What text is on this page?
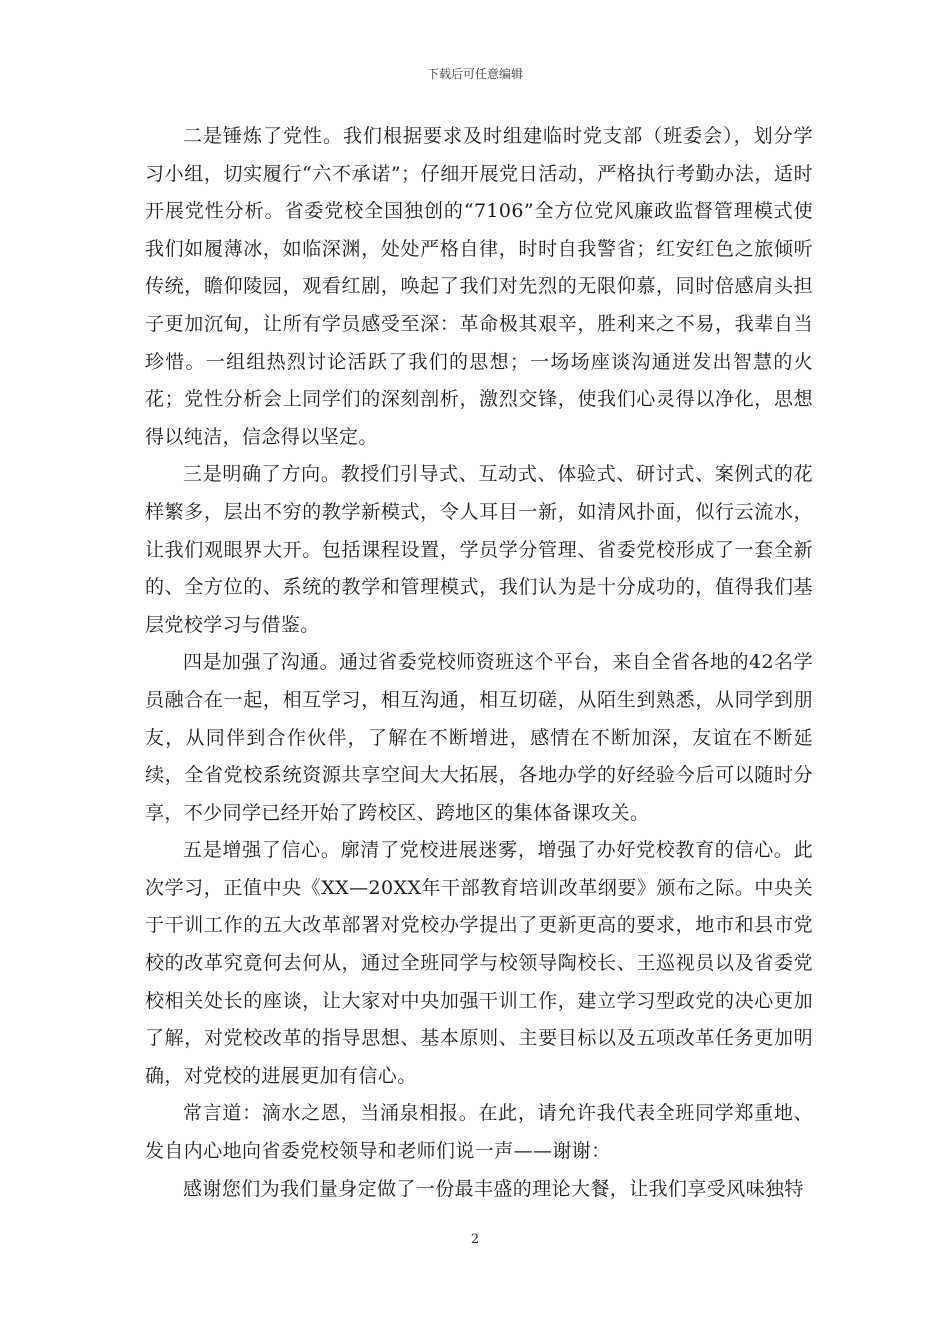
下载后可任意编辑

二是锤炼了党性。我们根据要求及时组建临时党支部（班委会），划分学习小组，切实履行“六不承诺”；仔细开展党日活动，严格执行考勤办法，适时开展党性分析。省委党校全国独创的“7106”全方位党风廉政监督管理模式使我们如履薄冰，如临深渊，处处严格自律，时时自我警省；红安红色之旅倾听传统，瞻仰陵园，观看红剧，唤起了我们对先烈的无限仰慕，同时倍感肩头担子更加沉甸，让所有学员感受至深：革命极其艰辛，胜利来之不易，我辈自当珍惜。一组组热烈讨论活跃了我们的思想；一场场座谈沟通迸发出智慧的火花；党性分析会上同学们的深刻剖析，激烈交锋，使我们心灵得以净化，思想得以纯洁，信念得以坚定。

三是明确了方向。教授们引导式、互动式、体验式、研讨式、案例式的花样繁多，层出不穷的教学新模式，令人耳目一新，如清风扑面，似行云流水，让我们观眼界大开。包括课程设置，学员学分管理、省委党校形成了一套全新的、全方位的、系统的教学和管理模式，我们认为是十分成功的，值得我们基层党校学习与借鉴。

四是加强了沟通。通过省委党校师资班这个平台，来自全省各地的42名学员融合在一起，相互学习，相互沟通，相互切磋，从陌生到熟悉，从同学到朋友，从同伴到合作伙伴，了解在不断增进，感情在不断加深，友谊在不断延续，全省党校系统资源共享空间大大拓展，各地办学的好经验今后可以随时分享，不少同学已经开始了跨校区、跨地区的集体备课攻关。

五是增强了信心。廓清了党校进展迷雾，增强了办好党校教育的信心。此次学习，正值中央《XX—20XX年干部教育培训改革纲要》颁布之际。中央关于干训工作的五大改革部署对党校办学提出了更新更高的要求，地市和县市党校的改革究竟何去何从，通过全班同学与校领导陶校长、王巡视员以及省委党校相关处长的座谈，让大家对中央加强干训工作，建立学习型政党的决心更加了解，对党校改革的指导思想、基本原则、主要目标以及五项改革任务更加明确，对党校的进展更加有信心。

常言道：滴水之恩，当涌泉相报。在此，请允许我代表全班同学郑重地、发自内心地向省委党校领导和老师们说一声——谢谢：

感谢您们为我们量身定做了一份最丰盛的理论大餐，让我们享受风味独特

2
